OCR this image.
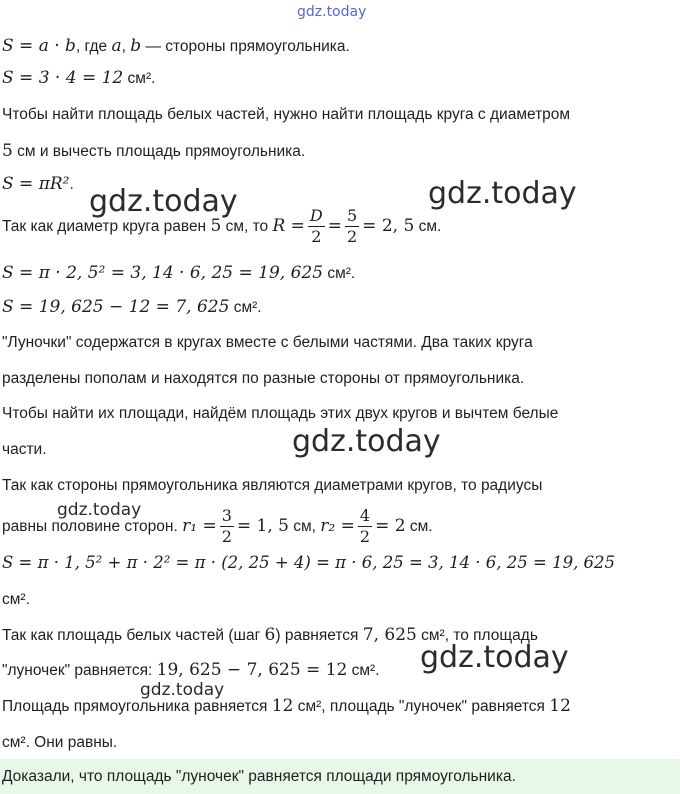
gdz.today
S = a · b, где a, b — стороны прямоугольника.
S = 3 · 4 = 12 см².
Чтобы найти площадь белых частей, нужно найти площадь круга с диаметром
5 см и вычесть площадь прямоугольника.
S = πR².
Так как диаметр круга равен 5 см, то $R = \frac{D}{2} = \frac{5}{2} = 2$, 5 см.
S = π · 2, 5² = 3, 14 · 6, 25 = 19, 625 см².
S = 19, 625 − 12 = 7, 625 см².
"Луночки" содержатся в кругах вместе с белыми частями. Два таких круга
разделены пополам и находятся по разные стороны от прямоугольника.
Чтобы найти их площади, найдём площадь этих двух кругов и вычтем белые
части.
Так как стороны прямоугольника являются диаметрами кругов, то радиусы
равны половине сторон. $r_1 = \frac{3}{2} = 1$, 5 см, $r_2 = \frac{4}{2} = 2$ см.
S = π · 1, 5² + π · 2² = π · (2, 25 + 4) = π · 6, 25 = 3, 14 · 6, 25 = 19, 625
см².
Так как площадь белых частей (шаг 6) равняется 7, 625 см², то площадь
"луночек" равняется: 19, 625 − 7, 625 = 12 см².
Площадь прямоугольника равняется 12 см², площадь "луночек" равняется 12
см². Они равны.
Доказали, что площадь "луночек" равняется площади прямоугольника.
gdz.today	gdz.today
gdz.today
gdz.today
gdz.today
gdz.today
